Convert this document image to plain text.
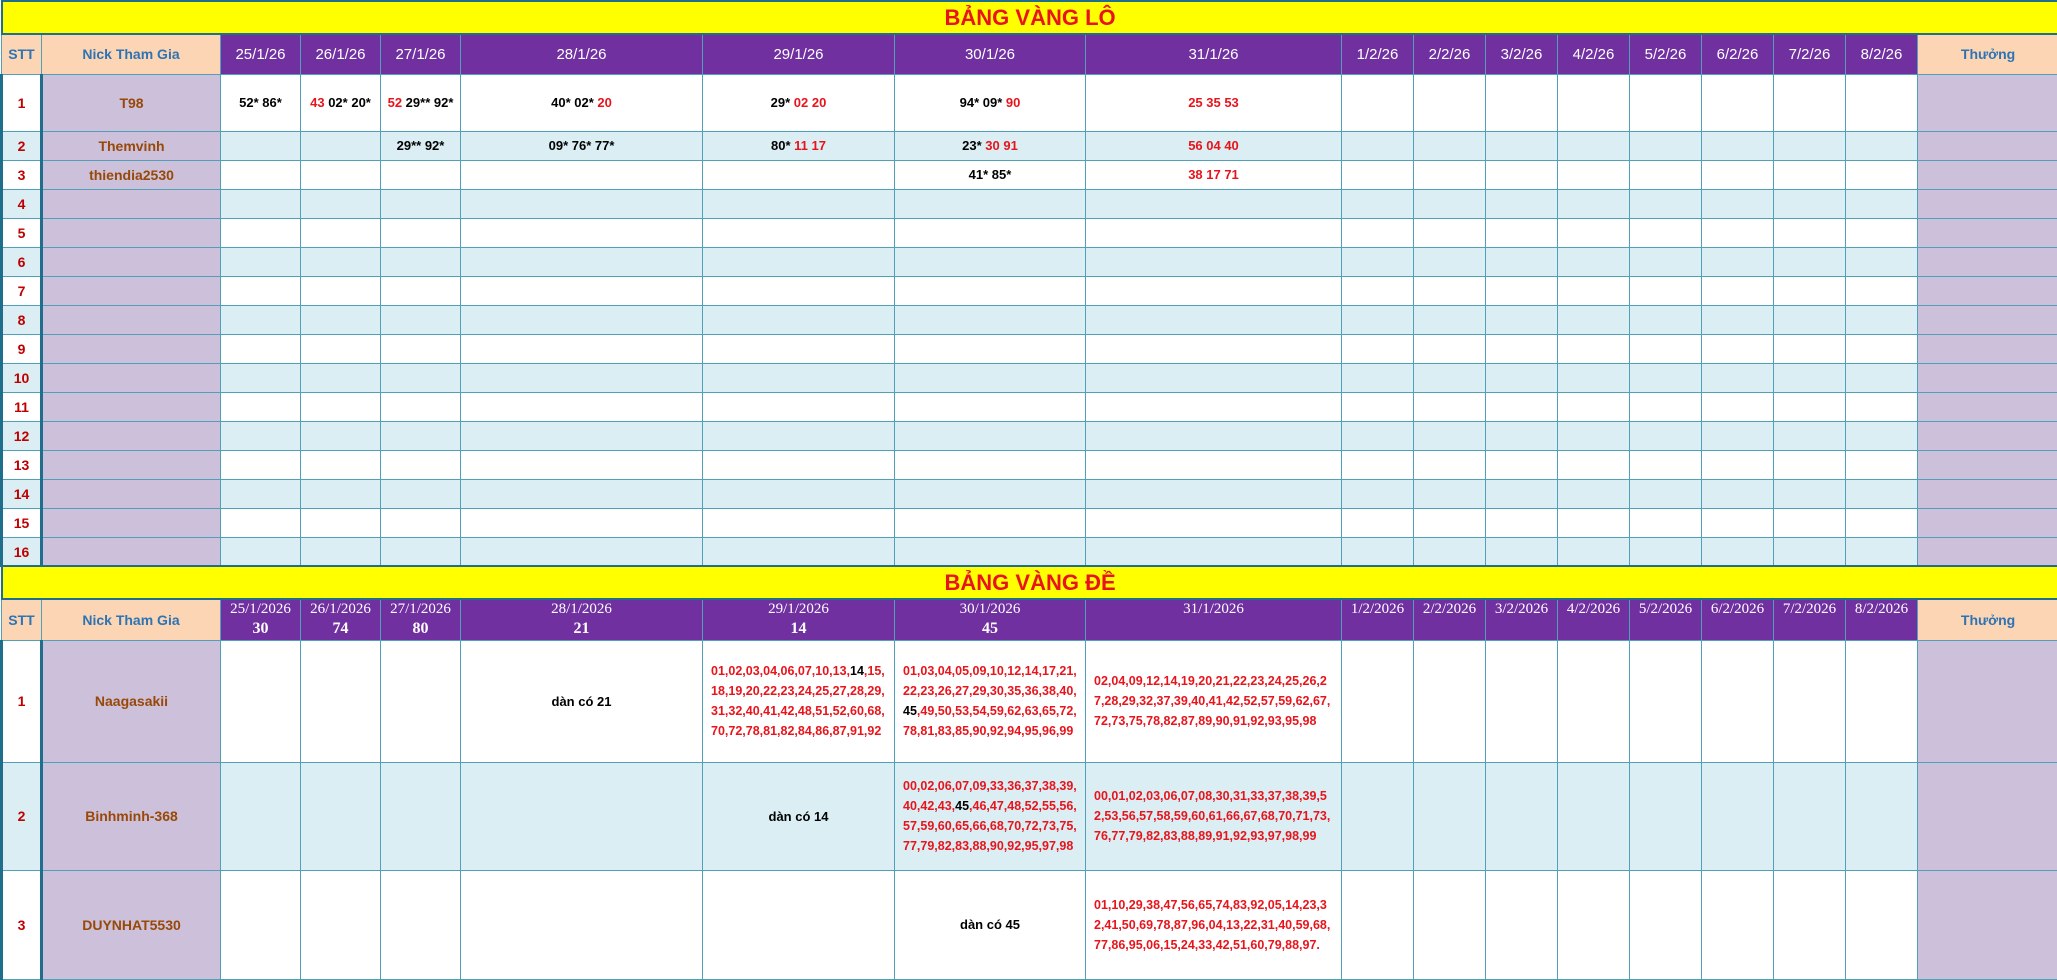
BẢNG VÀNG LÔ																	
STT	Nick Tham Gia	25/1/26	26/1/26	27/1/26	28/1/26	29/1/26	30/1/26	31/1/26	1/2/26	2/2/26	3/2/26	4/2/26	5/2/26	6/2/26	7/2/26	8/2/26	Thưởng
1	T98	52* 86*	43 02* 20*	52 29** 92*	40* 02* 20	29* 02 20	94* 09* 90	25 35 53									
2	Themvinh			29** 92*	09* 76* 77*	80* 11 17	23* 30 91	56 04 40									
3	thiendia2530						41* 85*	38 17 71									
4																	
5																	
6																	
7																	
8																	
9																	
10																	
11																	
12																	
13																	
14																	
15																	
16																	
BẢNG VÀNG ĐỀ																	
STT	Nick Tham Gia	25/1/2026	26/1/2026	27/1/2026	28/1/2026	29/1/2026	30/1/2026	31/1/2026	1/2/2026	2/2/2026	3/2/2026	4/2/2026	5/2/2026	6/2/2026	7/2/2026	8/2/2026	Thưởng
		30	74	80	21	14	45										
1	Naagasakii				dàn có 21	01,02,03,04,06,07,10,13,14,15,18,19,20,22,23,24,25,27,28,29,31,32,40,41,42,48,51,52,60,68,70,72,78,81,82,84,86,87,91,92	01,03,04,05,09,10,12,14,17,21,22,23,26,27,29,30,35,36,38,40,45,49,50,53,54,59,62,63,65,72,78,81,83,85,90,92,94,95,96,99	02,04,09,12,14,19,20,21,22,23,24,25,26,27,28,29,32,37,39,40,41,42,52,57,59,62,67,72,73,75,78,82,87,89,90,91,92,93,95,98									

2	Binhminh-368					dàn có 14	00,02,06,07,09,33,36,37,38,39,40,42,43,45,46,47,48,52,55,56,57,59,60,65,66,68,70,72,73,75,77,79,82,83,88,90,92,95,97,98	00,01,02,03,06,07,08,30,31,33,37,38,39,52,53,56,57,58,59,60,61,66,67,68,70,71,73,76,77,79,82,83,88,89,91,92,93,97,98,99									

3	DUYNHAT5530						dàn có 45	01,10,29,38,47,56,65,74,83,92,05,14,23,32,41,50,69,78,87,96,04,13,22,31,40,59,68,77,86,95,06,15,24,33,42,51,60,79,88,97.									
